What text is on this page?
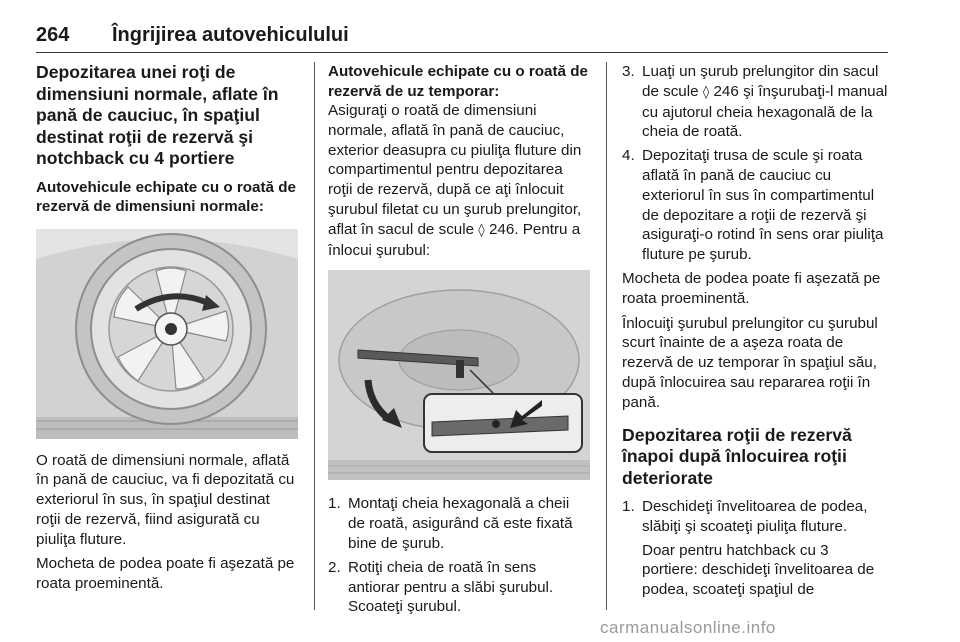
264 Îngrijirea autovehiculului
Depozitarea unei roţi de dimensiuni normale, aflate în pană de cauciuc, în spaţiul destinat roţii de rezervă şi notchback cu 4 portiere
Autovehicule echipate cu o roată de rezervă de dimensiuni normale:

O roată de dimensiuni normale, aflată în pană de cauciuc, va fi depozitată cu exteriorul în sus, în spaţiul destinat roţii de rezervă, fiind asigurată cu piuliţa fluture.

Mocheta de podea poate fi aşezată pe roata proeminentă.

Autovehicule echipate cu o roată de rezervă de uz temporar:

Asiguraţi o roată de dimensiuni normale, aflată în pană de cauciuc, exterior deasupra cu piuliţa fluture din compartimentul pentru depozitarea roţii de rezervă, după ce aţi înlocuit şurubul filetat cu un şurub prelungitor, aflat în sacul de scule ◊ 246. Pentru a înlocui şurubul:

1. Montaţi cheia hexagonală a cheii de roată, asigurând că este fixată bine de şurub.
2. Rotiţi cheia de roată în sens antiorar pentru a slăbi şurubul. Scoateţi şurubul.
3. Luaţi un şurub prelungitor din sacul de scule ◊ 246 şi înşurubaţi-l manual cu ajutorul cheia hexagonală de la cheia de roată.
4. Depozitaţi trusa de scule şi roata aflată în pană de cauciuc cu exteriorul în sus în compartimentul de depozitare a roţii de rezervă şi asiguraţi-o rotind în sens orar piuliţa fluture pe şurub.

Mocheta de podea poate fi aşezată pe roata proeminentă.

Înlocuiţi şurubul prelungitor cu şurubul scurt înainte de a aşeza roata de rezervă de uz temporar în spaţiul său, după înlocuirea sau repararea roţii în pană.

Depozitarea roţii de rezervă înapoi după înlocuirea roţii deteriorate
1. Deschideţi învelitoarea de podea, slăbiţi şi scoateţi piuliţa fluture.
Doar pentru hatchback cu 3 portiere: deschideţi învelitoarea de podea, scoateţi spaţiul de
carmanualsonline.info
